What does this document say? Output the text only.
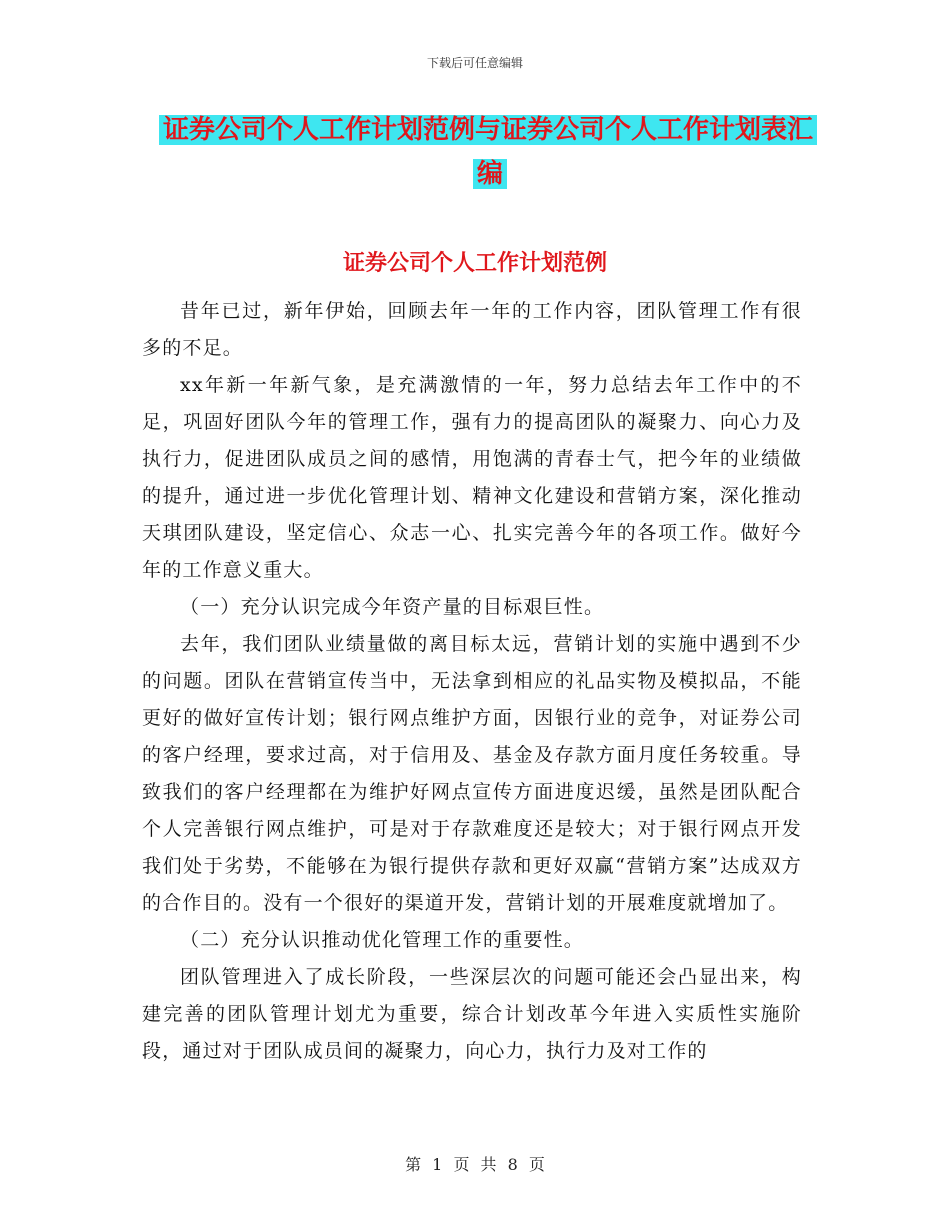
下载后可任意编辑
证券公司个人工作计划范例与证券公司个人工作计划表汇编
证券公司个人工作计划范例

昔年已过，新年伊始，回顾去年一年的工作内容，团队管理工作有很多的不足。

xx年新一年新气象，是充满激情的一年，努力总结去年工作中的不足，巩固好团队今年的管理工作，强有力的提高团队的凝聚力、向心力及执行力，促进团队成员之间的感情，用饱满的青春士气，把今年的业绩做的提升，通过进一步优化管理计划、精神文化建设和营销方案，深化推动天琪团队建设，坚定信心、众志一心、扎实完善今年的各项工作。做好今年的工作意义重大。

（一）充分认识完成今年资产量的目标艰巨性。

去年，我们团队业绩量做的离目标太远，营销计划的实施中遇到不少的问题。团队在营销宣传当中，无法拿到相应的礼品实物及模拟品，不能更好的做好宣传计划；银行网点维护方面，因银行业的竞争，对证券公司的客户经理，要求过高，对于信用及、基金及存款方面月度任务较重。导致我们的客户经理都在为维护好网点宣传方面进度迟缓，虽然是团队配合个人完善银行网点维护，可是对于存款难度还是较大；对于银行网点开发我们处于劣势，不能够在为银行提供存款和更好双赢“营销方案”达成双方的合作目的。没有一个很好的渠道开发，营销计划的开展难度就增加了。

（二）充分认识推动优化管理工作的重要性。

团队管理进入了成长阶段，一些深层次的问题可能还会凸显出来，构建完善的团队管理计划尤为重要，综合计划改革今年进入实质性实施阶段，通过对于团队成员间的凝聚力，向心力，执行力及对工作的

第 1 页 共 8 页
